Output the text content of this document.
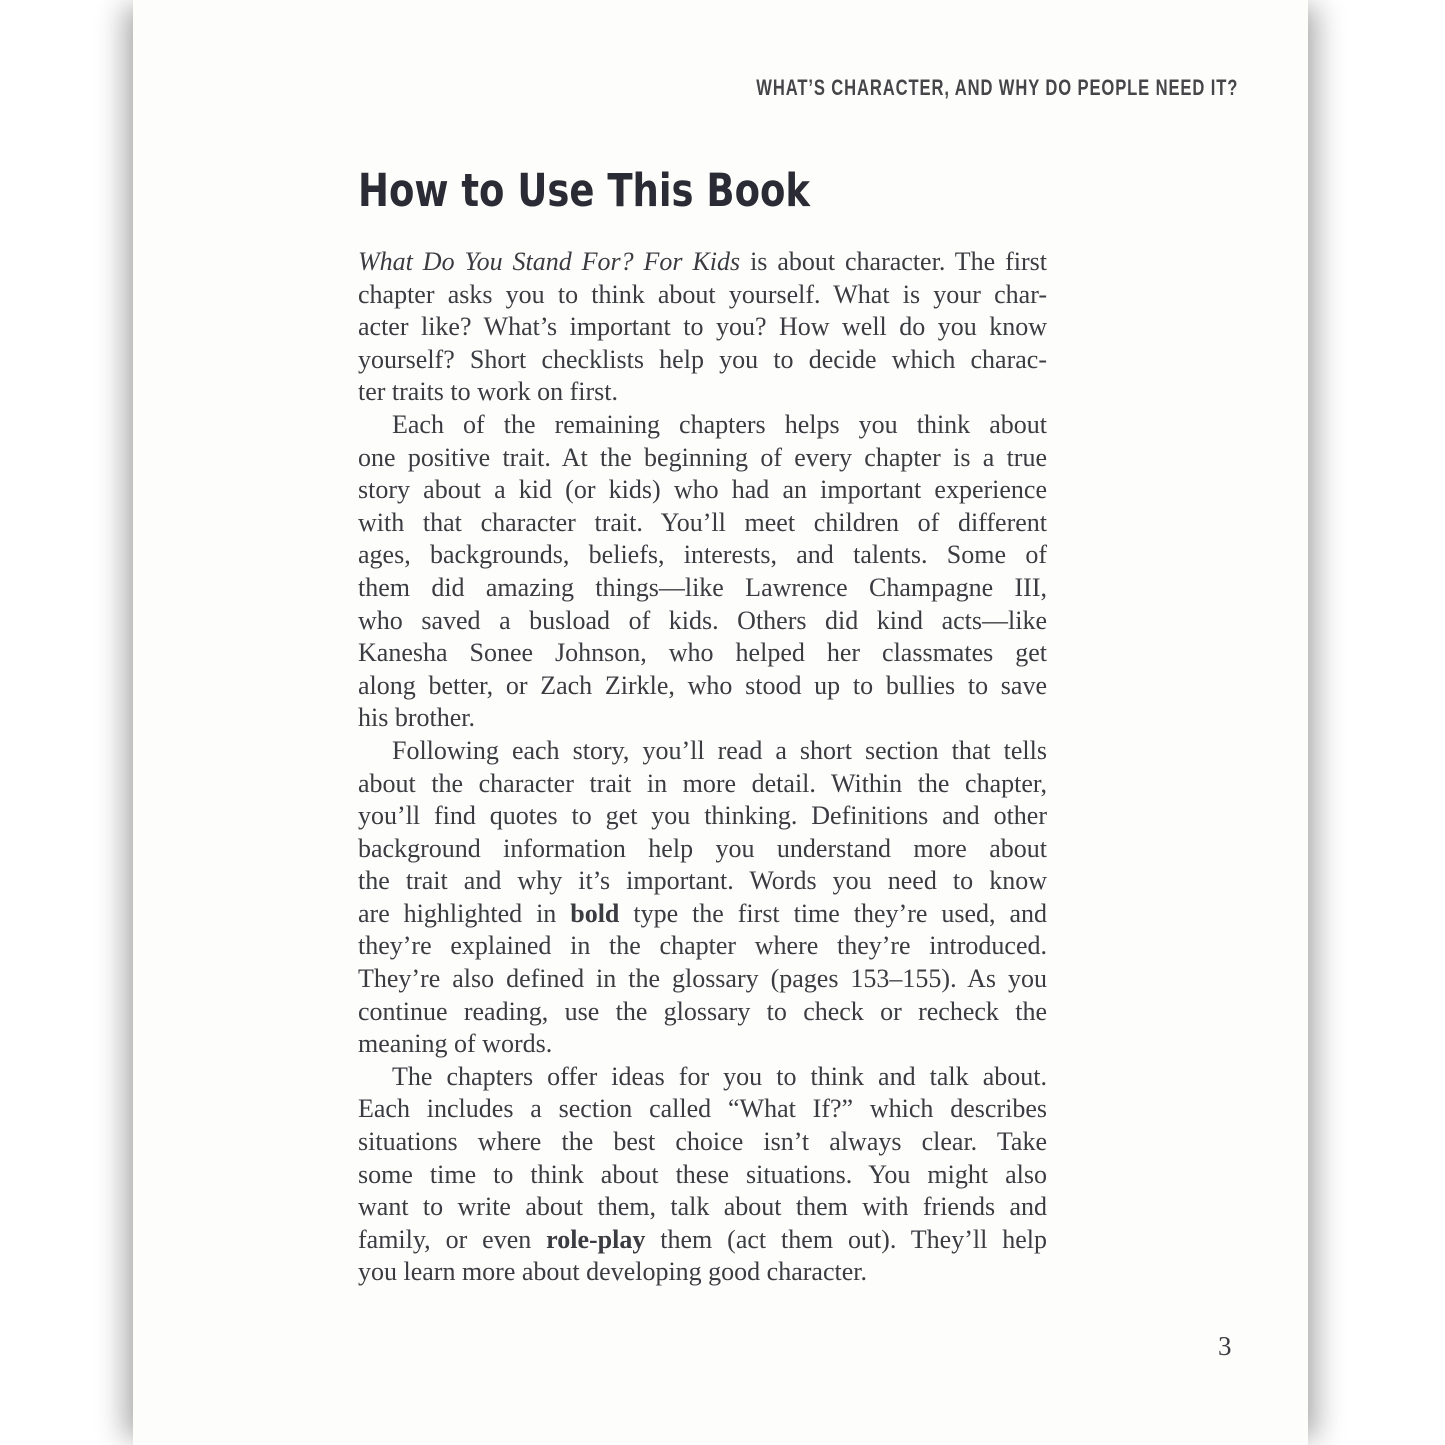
WHAT’S CHARACTER, AND WHY DO PEOPLE NEED IT?
How to Use This Book
What Do You Stand For? For Kids is about character. The first
chapter asks you to think about yourself. What is your char-
acter like? What’s important to you? How well do you know
yourself? Short checklists help you to decide which charac-
ter traits to work on first.
Each of the remaining chapters helps you think about
one positive trait. At the beginning of every chapter is a true
story about a kid (or kids) who had an important experience
with that character trait. You’ll meet children of different
ages, backgrounds, beliefs, interests, and talents. Some of
them did amazing things—like Lawrence Champagne III,
who saved a busload of kids. Others did kind acts—like
Kanesha Sonee Johnson, who helped her classmates get
along better, or Zach Zirkle, who stood up to bullies to save
his brother.
Following each story, you’ll read a short section that tells
about the character trait in more detail. Within the chapter,
you’ll find quotes to get you thinking. Definitions and other
background information help you understand more about
the trait and why it’s important. Words you need to know
are highlighted in bold type the first time they’re used, and
they’re explained in the chapter where they’re introduced.
They’re also defined in the glossary (pages 153–155). As you
continue reading, use the glossary to check or recheck the
meaning of words.
The chapters offer ideas for you to think and talk about.
Each includes a section called “What If?” which describes
situations where the best choice isn’t always clear. Take
some time to think about these situations. You might also
want to write about them, talk about them with friends and
family, or even role-play them (act them out). They’ll help
you learn more about developing good character.
3
